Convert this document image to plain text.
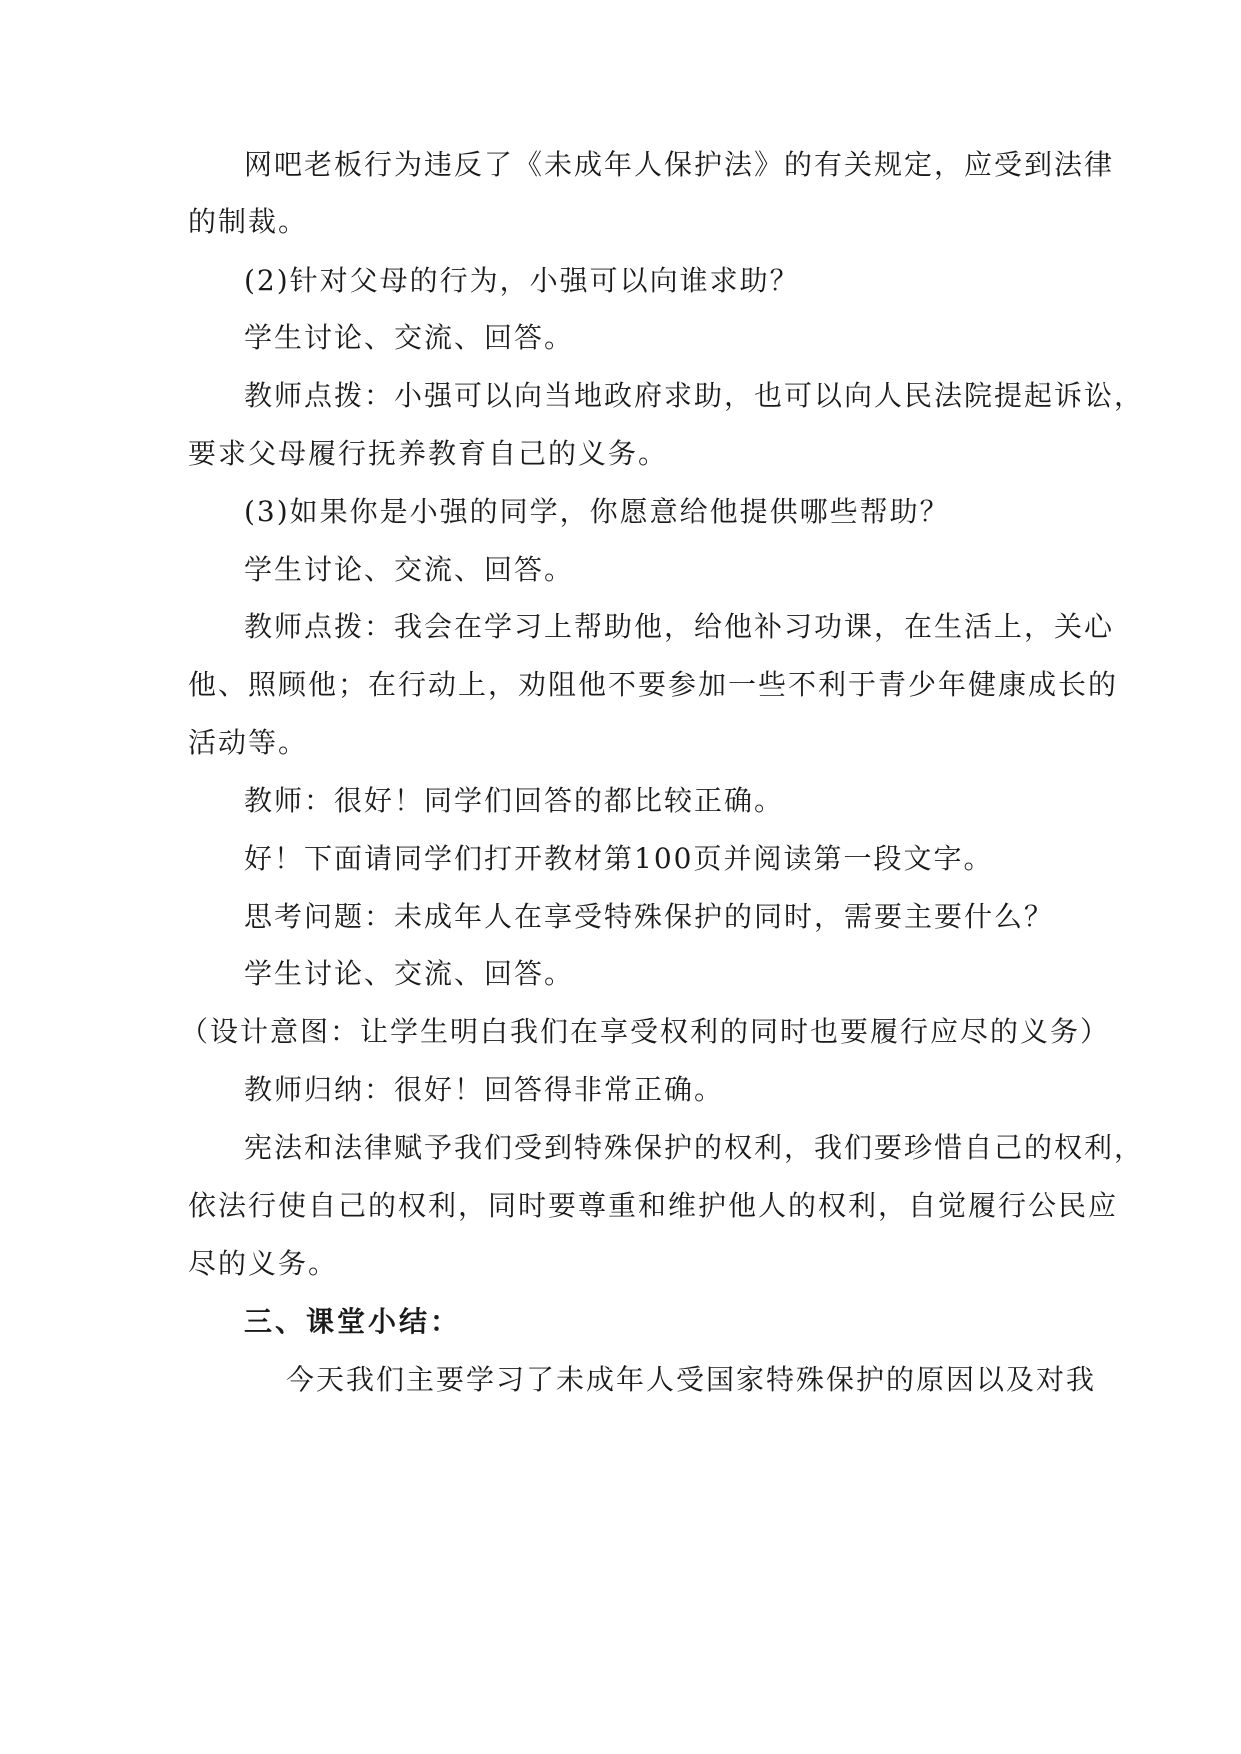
网吧老板行为违反了《未成年人保护法》的有关规定，应受到法律
的制裁。
(2)针对父母的行为，小强可以向谁求助？
学生讨论、交流、回答。
教师点拨：小强可以向当地政府求助，也可以向人民法院提起诉讼，
要求父母履行抚养教育自己的义务。
(3)如果你是小强的同学，你愿意给他提供哪些帮助？
学生讨论、交流、回答。
教师点拨：我会在学习上帮助他，给他补习功课，在生活上，关心
他、照顾他；在行动上，劝阻他不要参加一些不利于青少年健康成长的
活动等。
教师：很好！同学们回答的都比较正确。
好！下面请同学们打开教材第100页并阅读第一段文字。
思考问题：未成年人在享受特殊保护的同时，需要主要什么？
学生讨论、交流、回答。
（设计意图：让学生明白我们在享受权利的同时也要履行应尽的义务）
教师归纳：很好！回答得非常正确。
宪法和法律赋予我们受到特殊保护的权利，我们要珍惜自己的权利，
依法行使自己的权利，同时要尊重和维护他人的权利，自觉履行公民应
尽的义务。
三、课堂小结：
今天我们主要学习了未成年人受国家特殊保护的原因以及对我
